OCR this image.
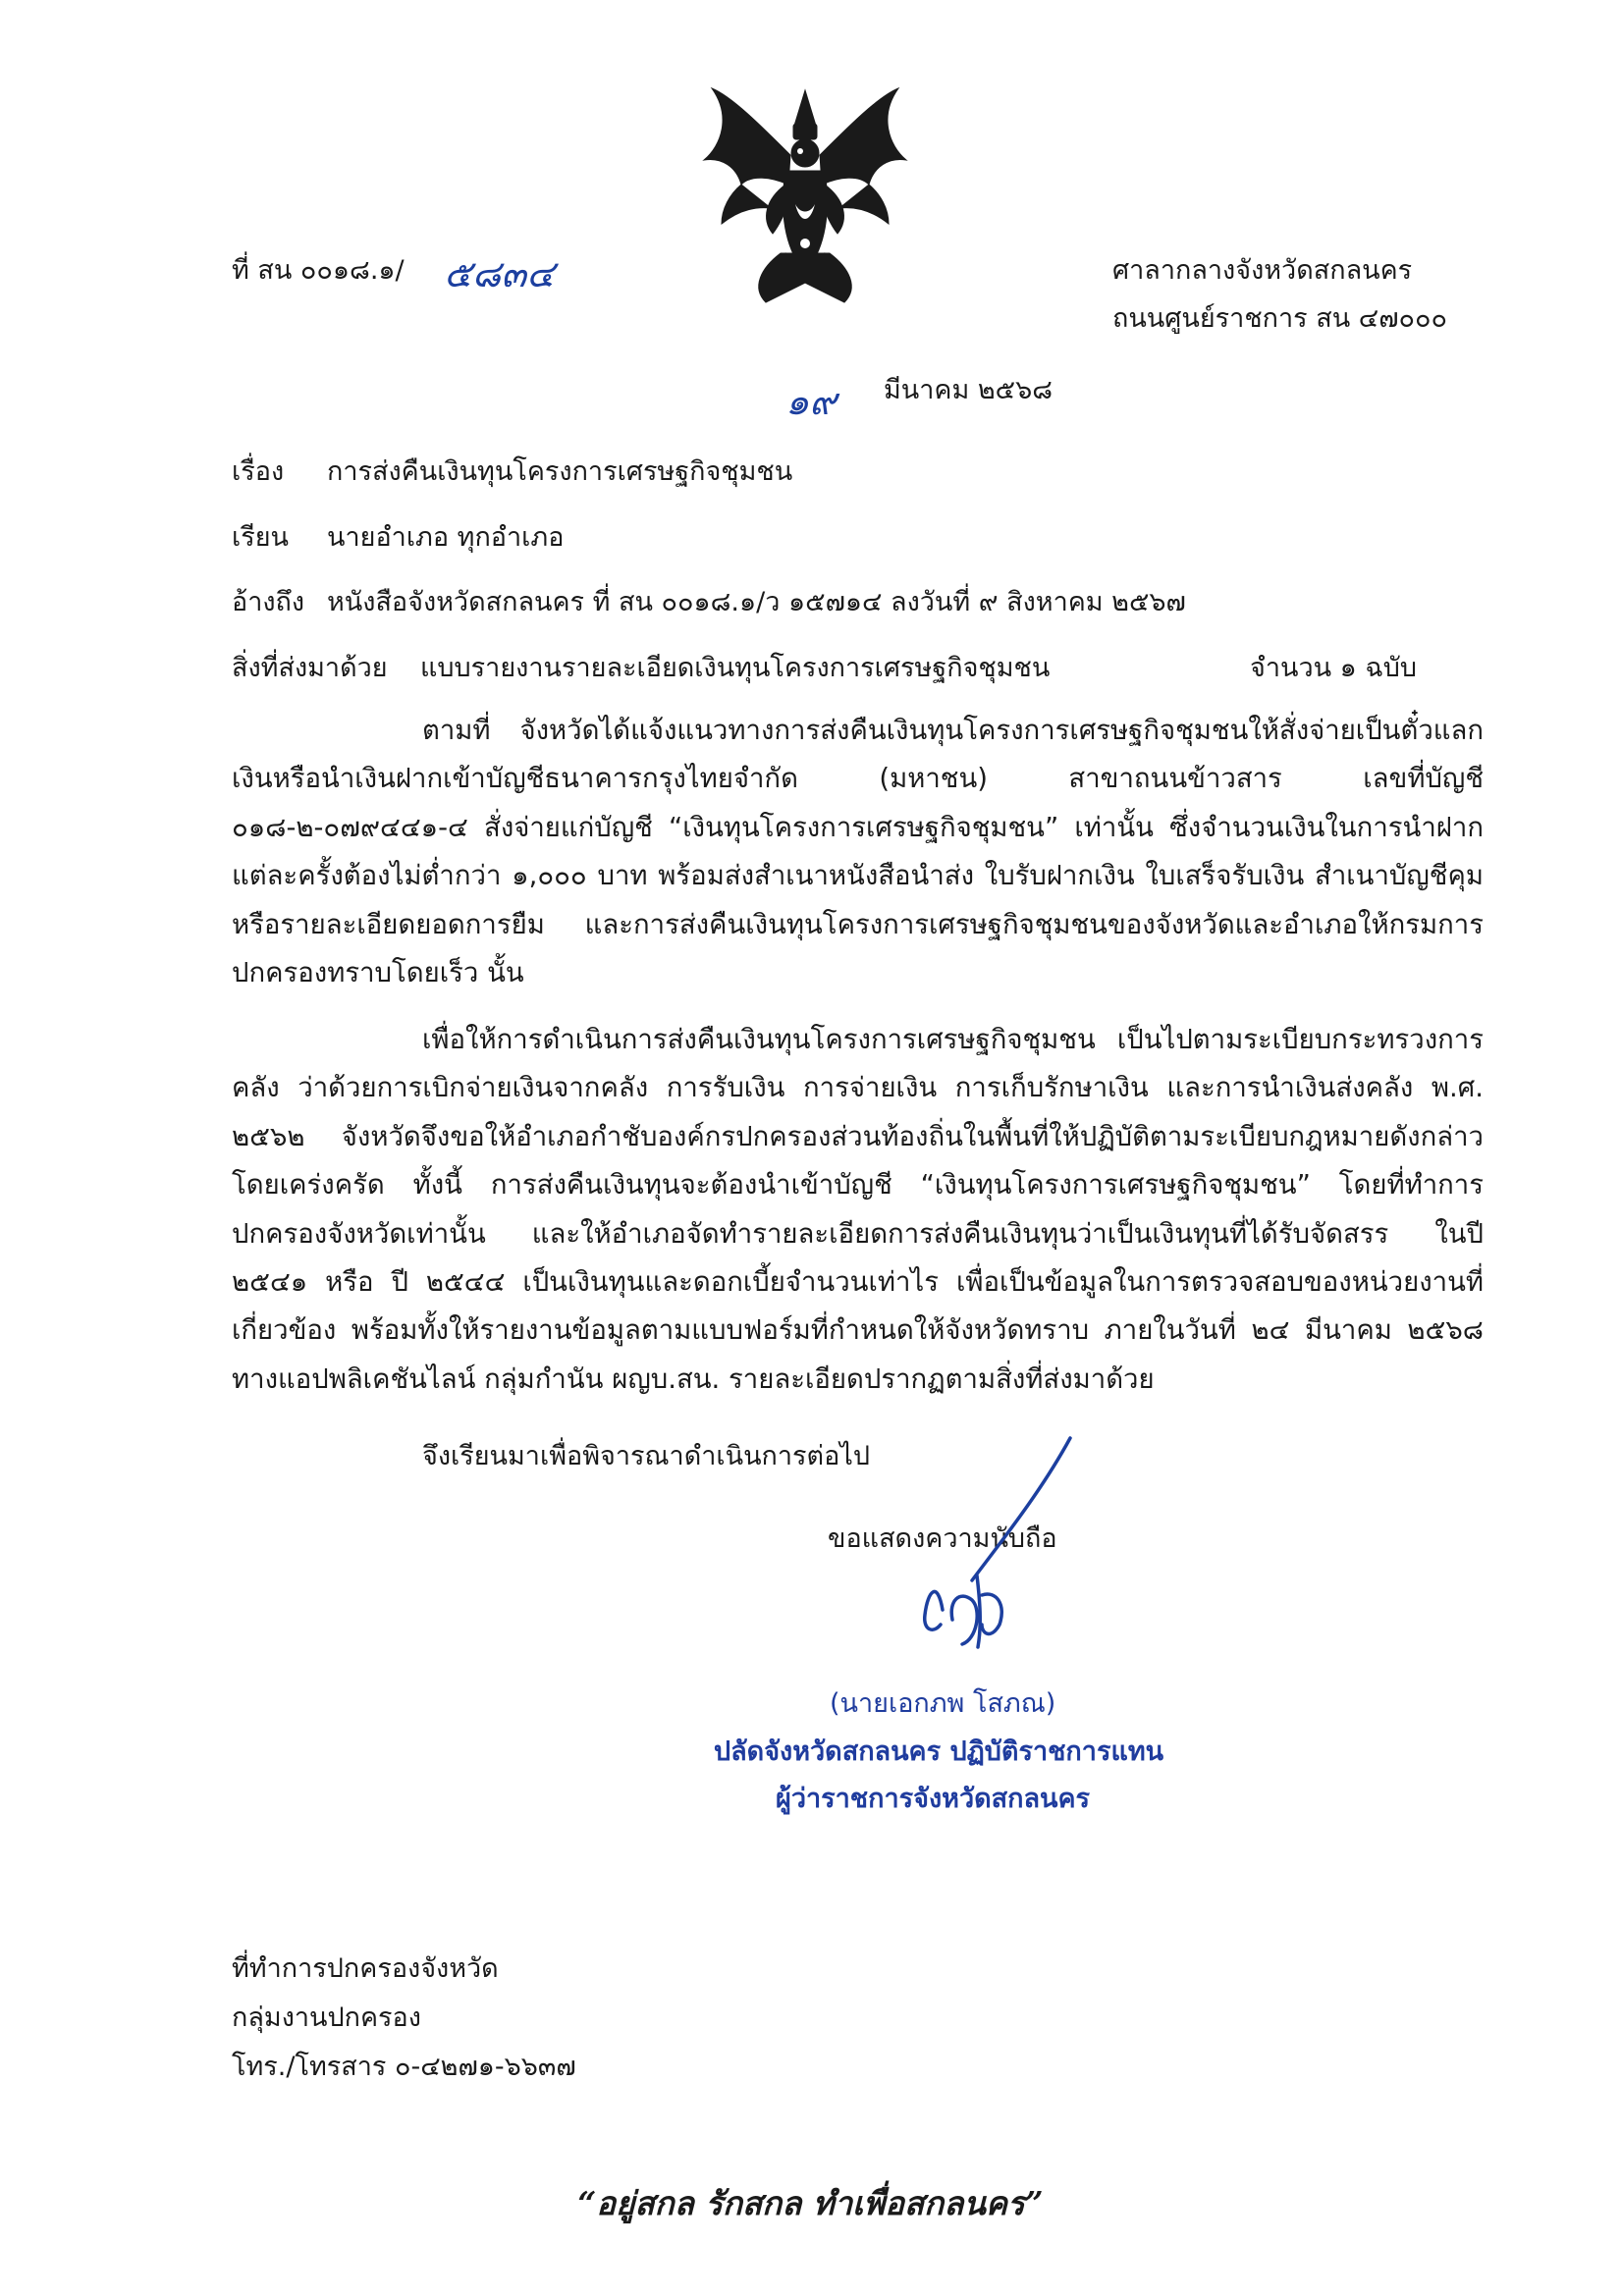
ที่ สน ๐๐๑๘.๑/ ๕๘๓๔	ศาลากลางจังหวัดสกลนคร
ถนนศูนย์ราชการ สน ๔๗๐๐๐
๑๙ มีนาคม ๒๕๖๘
เรื่อง การส่งคืนเงินทุนโครงการเศรษฐกิจชุมชน
เรียน นายอำเภอ ทุกอำเภอ
อ้างถึง หนังสือจังหวัดสกลนคร ที่ สน ๐๐๑๘.๑/ว ๑๕๗๑๔ ลงวันที่ ๙ สิงหาคม ๒๕๖๗
สิ่งที่ส่งมาด้วย แบบรายงานรายละเอียดเงินทุนโครงการเศรษฐกิจชุมชน	จำนวน ๑ ฉบับ
ตามที่ จังหวัดได้แจ้งแนวทางการส่งคืนเงินทุนโครงการเศรษฐกิจชุมชนให้สั่งจ่ายเป็นตั๋วแลกเงินหรือนำเงินฝากเข้าบัญชีธนาคารกรุงไทยจำกัด (มหาชน) สาขาถนนข้าวสาร เลขที่บัญชี ๐๑๘-๒-๐๗๙๔๔๑-๔ สั่งจ่ายแก่บัญชี “เงินทุนโครงการเศรษฐกิจชุมชน” เท่านั้น ซึ่งจำนวนเงินในการนำฝากแต่ละครั้งต้องไม่ต่ำกว่า ๑,๐๐๐ บาท พร้อมส่งสำเนาหนังสือนำส่ง ใบรับฝากเงิน ใบเสร็จรับเงิน สำเนาบัญชีคุมหรือรายละเอียดยอดการยืม และการส่งคืนเงินทุนโครงการเศรษฐกิจชุมชนของจังหวัดและอำเภอให้กรมการปกครองทราบโดยเร็ว นั้น
เพื่อให้การดำเนินการส่งคืนเงินทุนโครงการเศรษฐกิจชุมชน เป็นไปตามระเบียบกระทรวงการคลัง ว่าด้วยการเบิกจ่ายเงินจากคลัง การรับเงิน การจ่ายเงิน การเก็บรักษาเงิน และการนำเงินส่งคลัง พ.ศ. ๒๕๖๒ จังหวัดจึงขอให้อำเภอกำชับองค์กรปกครองส่วนท้องถิ่นในพื้นที่ให้ปฏิบัติตามระเบียบกฎหมายดังกล่าวโดยเคร่งครัด ทั้งนี้ การส่งคืนเงินทุนจะต้องนำเข้าบัญชี “เงินทุนโครงการเศรษฐกิจชุมชน” โดยที่ทำการปกครองจังหวัดเท่านั้น และให้อำเภอจัดทำรายละเอียดการส่งคืนเงินทุนว่าเป็นเงินทุนที่ได้รับจัดสรร ในปี ๒๕๔๑ หรือ ปี ๒๕๔๔ เป็นเงินทุนและดอกเบี้ยจำนวนเท่าไร เพื่อเป็นข้อมูลในการตรวจสอบของหน่วยงานที่เกี่ยวข้อง พร้อมทั้งให้รายงานข้อมูลตามแบบฟอร์มที่กำหนดให้จังหวัดทราบ ภายในวันที่ ๒๔ มีนาคม ๒๕๖๘ ทางแอปพลิเคชันไลน์ กลุ่มกำนัน ผญบ.สน. รายละเอียดปรากฏตามสิ่งที่ส่งมาด้วย
จึงเรียนมาเพื่อพิจารณาดำเนินการต่อไป
ขอแสดงความนับถือ
(นายเอกภพ โสภณ)
ปลัดจังหวัดสกลนคร ปฏิบัติราชการแทน
ผู้ว่าราชการจังหวัดสกลนคร
ที่ทำการปกครองจังหวัด
กลุ่มงานปกครอง
โทร./โทรสาร ๐-๔๒๗๑-๖๖๓๗
“อยู่สกล รักสกล ทำเพื่อสกลนคร”
